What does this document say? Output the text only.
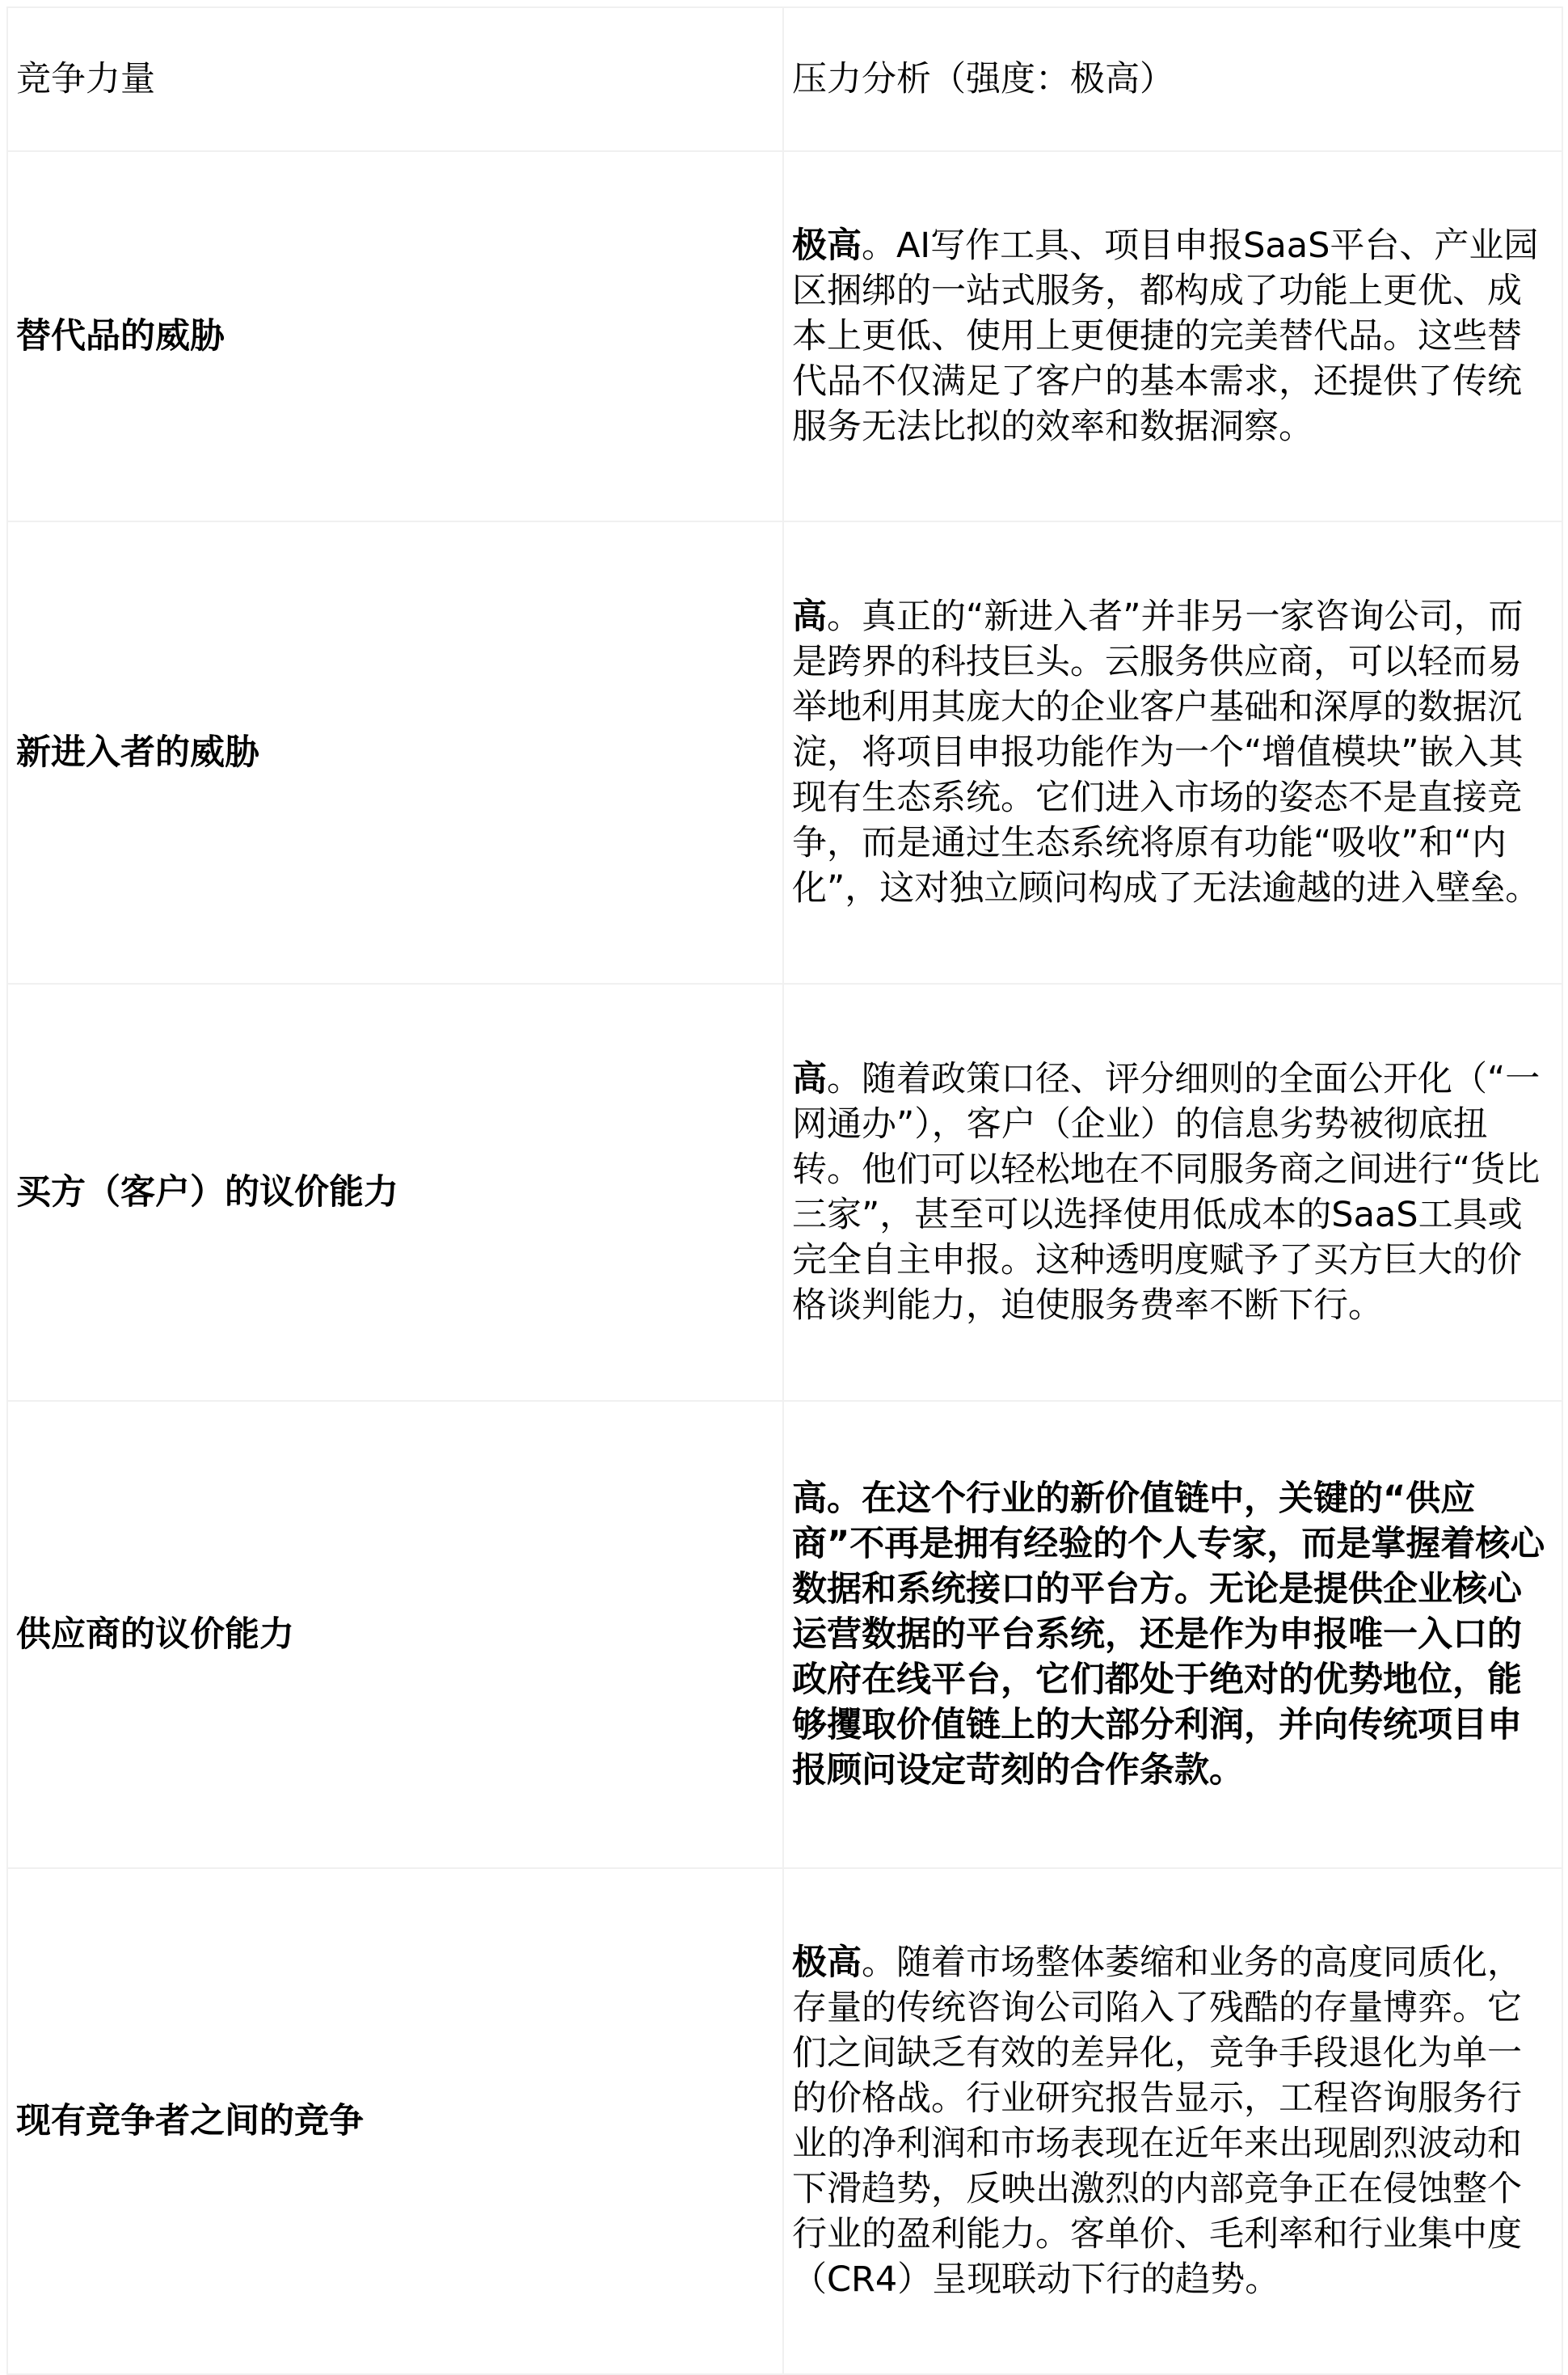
竞争力量	压力分析（强度：极高）
替代品的威胁	极高。AI写作工具、项目申报SaaS平台、产业园区捆绑的一站式服务，都构成了功能上更优、成本上更低、使用上更便捷的完美替代品。这些替代品不仅满足了客户的基本需求，还提供了传统服务无法比拟的效率和数据洞察。
新进入者的威胁	高。真正的“新进入者”并非另一家咨询公司，而是跨界的科技巨头。云服务供应商，可以轻而易举地利用其庞大的企业客户基础和深厚的数据沉淀，将项目申报功能作为一个“增值模块”嵌入其现有生态系统。它们进入市场的姿态不是直接竞争，而是通过生态系统将原有功能“吸收”和“内化”，这对独立顾问构成了无法逾越的进入壁垒。
买方（客户）的议价能力	高。随着政策口径、评分细则的全面公开化（“一网通办”），客户（企业）的信息劣势被彻底扭转。他们可以轻松地在不同服务商之间进行“货比三家”，甚至可以选择使用低成本的SaaS工具或完全自主申报。这种透明度赋予了买方巨大的价格谈判能力，迫使服务费率不断下行。
供应商的议价能力	高。在这个行业的新价值链中，关键的“供应商”不再是拥有经验的个人专家，而是掌握着核心数据和系统接口的平台方。无论是提供企业核心运营数据的平台系统，还是作为申报唯一入口的政府在线平台，它们都处于绝对的优势地位，能够攫取价值链上的大部分利润，并向传统项目申报顾问设定苛刻的合作条款。
现有竞争者之间的竞争	极高。随着市场整体萎缩和业务的高度同质化，存量的传统咨询公司陷入了残酷的存量博弈。它们之间缺乏有效的差异化，竞争手段退化为单一的价格战。行业研究报告显示，工程咨询服务行业的净利润和市场表现在近年来出现剧烈波动和下滑趋势，反映出激烈的内部竞争正在侵蚀整个行业的盈利能力。客单价、毛利率和行业集中度（CR4）呈现联动下行的趋势。
